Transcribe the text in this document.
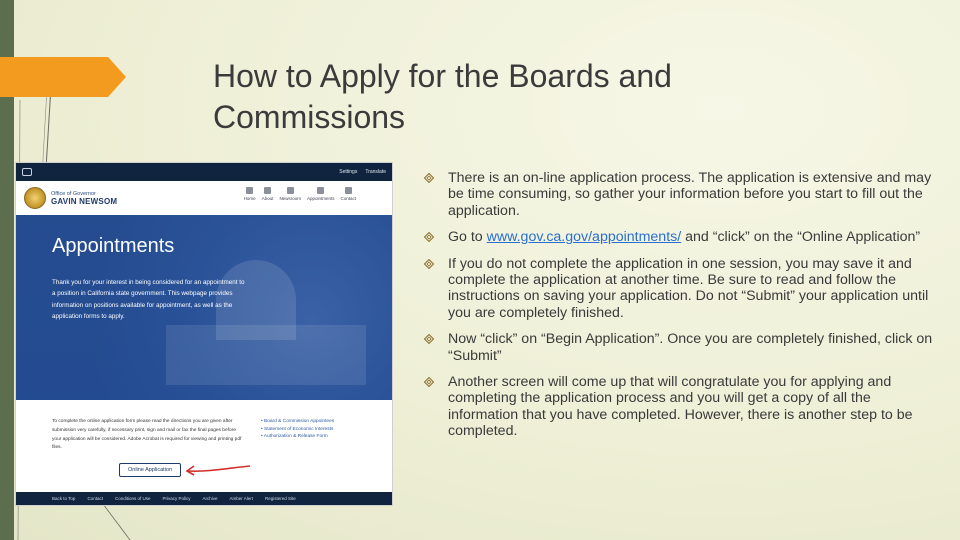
How to Apply for the Boards and
Commissions
Settings Translate
Office of Governor
GAVIN NEWSOM	Home About Newsroom Appointments Contact
Appointments
Thank you for your interest in being considered for an appointment to a position in California state government. This webpage provides information on positions available for appointment, as well as the application forms to apply.
To complete the online application form please read the directions you are given after submission very carefully, if necessary print, sign and mail or fax the final pages before your application will be considered. Adobe Acrobat is required for viewing and printing pdf files.
• Board & Commission Appointees
• Statement of Economic Interests
• Authorization & Release Form
Online Application
Back to Top	Contact	Conditions of Use	Privacy Policy	Archive	Amber Alert	Registered Site
There is an on-line application process. The application is extensive and may be time consuming, so gather your information before you start to fill out the application.
Go to www.gov.ca.gov/appointments/ and “click” on the “Online Application”
If you do not complete the application in one session, you may save it and complete the application at another time. Be sure to read and follow the instructions on saving your application. Do not “Submit” your application until you are completely finished.
Now “click” on “Begin Application”. Once you are completely finished, click on “Submit”
Another screen will come up that will congratulate you for applying and completing the application process and you will get a copy of all the information that you have completed. However, there is another step to be completed.
